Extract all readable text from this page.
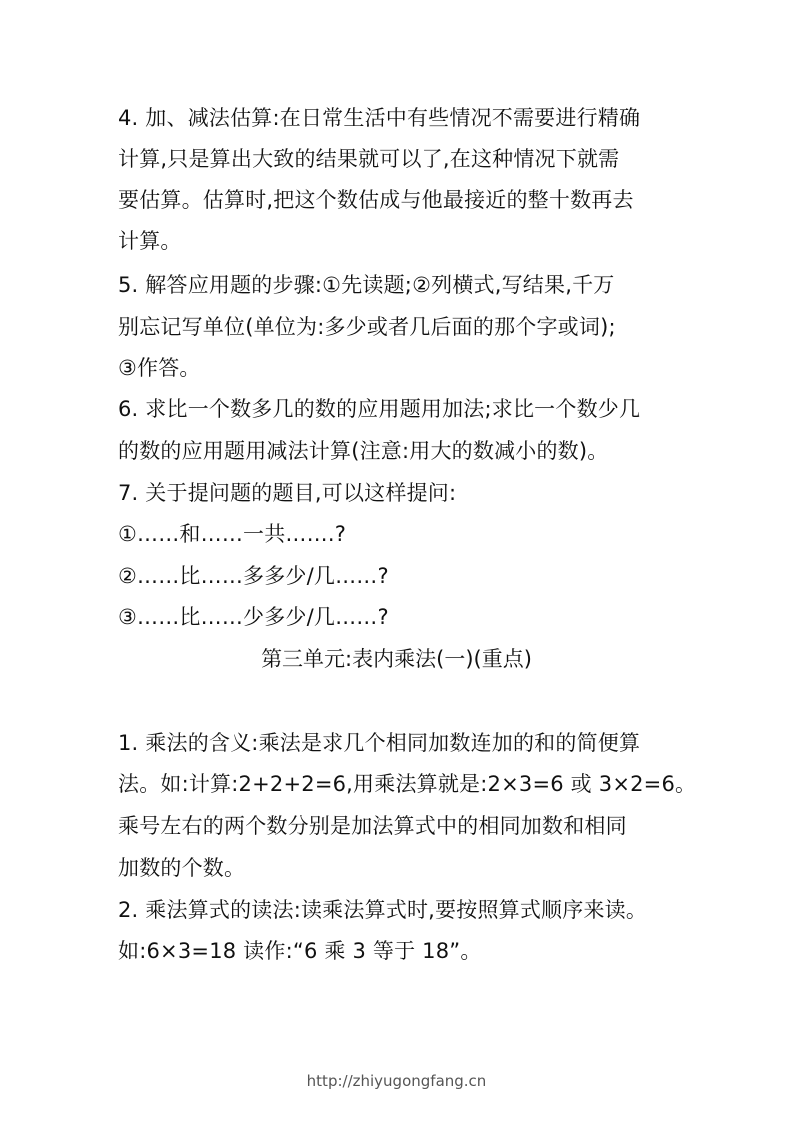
4. 加、减法估算:在日常生活中有些情况不需要进行精确
计算,只是算出大致的结果就可以了,在这种情况下就需
要估算。估算时,把这个数估成与他最接近的整十数再去
计算。
5. 解答应用题的步骤:①先读题;②列横式,写结果,千万
别忘记写单位(单位为:多少或者几后面的那个字或词);
③作答。
6. 求比一个数多几的数的应用题用加法;求比一个数少几
的数的应用题用减法计算(注意:用大的数减小的数)。
7. 关于提问题的题目,可以这样提问:
①……和……一共…….?
②……比……多多少/几……?
③……比……少多少/几……?
第三单元:表内乘法(一)(重点)
1. 乘法的含义:乘法是求几个相同加数连加的和的简便算
法。如:计算:2+2+2=6,用乘法算就是:2×3=6 或 3×2=6。
乘号左右的两个数分别是加法算式中的相同加数和相同
加数的个数。
2. 乘法算式的读法:读乘法算式时,要按照算式顺序来读。
如:6×3=18 读作:“6 乘 3 等于 18”。
http://zhiyugongfang.cn
